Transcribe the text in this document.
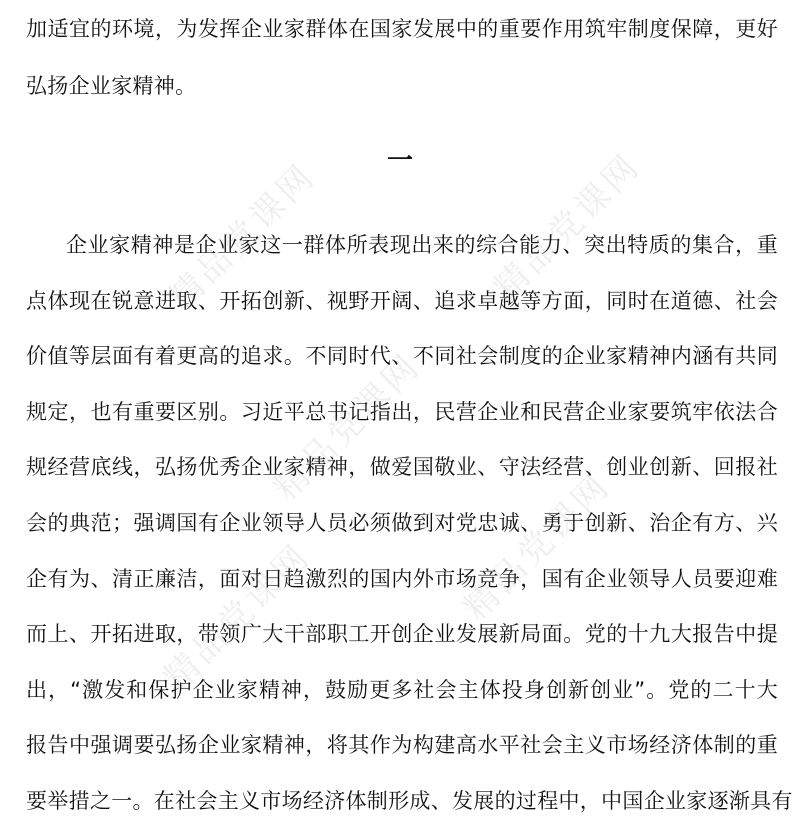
加适宜的环境，为发挥企业家群体在国家发展中的重要作用筑牢制度保障，更好
弘扬企业家精神。
一
企业家精神是企业家这一群体所表现出来的综合能力、突出特质的集合，重
点体现在锐意进取、开拓创新、视野开阔、追求卓越等方面，同时在道德、社会
价值等层面有着更高的追求。不同时代、不同社会制度的企业家精神内涵有共同
规定，也有重要区别。习近平总书记指出，民营企业和民营企业家要筑牢依法合
规经营底线，弘扬优秀企业家精神，做爱国敬业、守法经营、创业创新、回报社
会的典范；强调国有企业领导人员必须做到对党忠诚、勇于创新、治企有方、兴
企有为、清正廉洁，面对日趋激烈的国内外市场竞争，国有企业领导人员要迎难
而上、开拓进取，带领广大干部职工开创企业发展新局面。党的十九大报告中提
出，“激发和保护企业家精神，鼓励更多社会主体投身创新创业”。党的二十大
报告中强调要弘扬企业家精神，将其作为构建高水平社会主义市场经济体制的重
要举措之一。在社会主义市场经济体制形成、发展的过程中，中国企业家逐渐具有
精品党课网	精品党课网
精品党课网
精品党课网
精品党课网
